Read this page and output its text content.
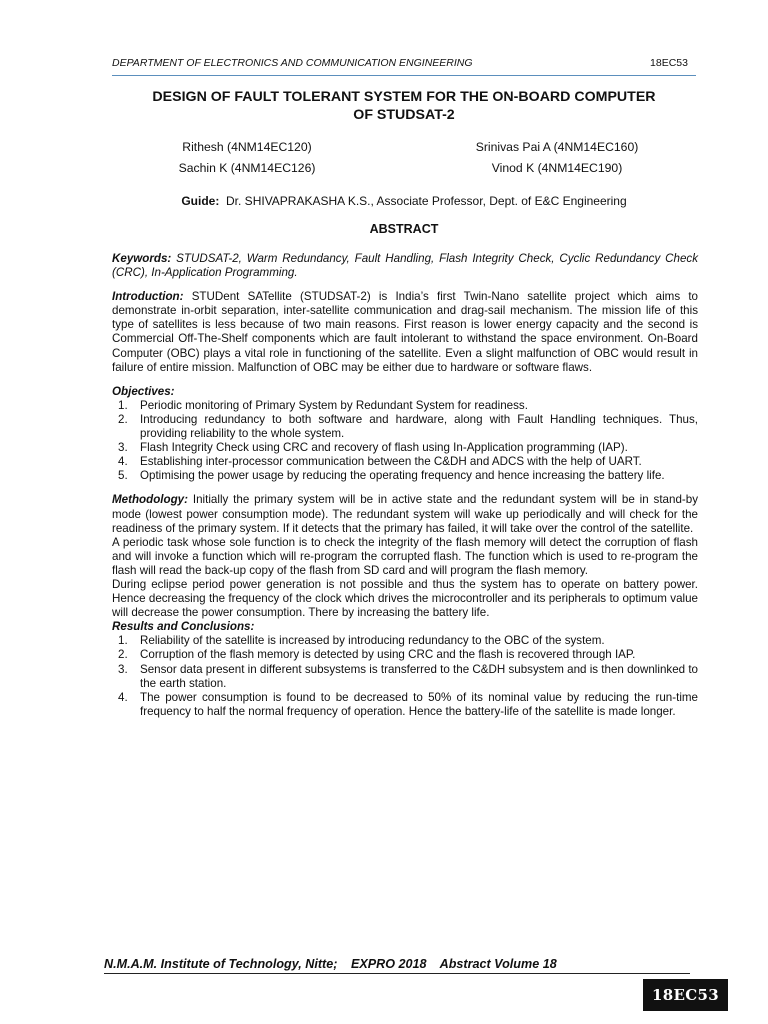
DEPARTMENT OF ELECTRONICS AND COMMUNICATION ENGINEERING	18EC53
DESIGN OF FAULT TOLERANT SYSTEM FOR THE ON-BOARD COMPUTER
OF STUDSAT-2
Rithesh (4NM14EC120)
Sachin K (4NM14EC126)
Srinivas Pai A (4NM14EC160)
Vinod K (4NM14EC190)
Guide: Dr. SHIVAPRAKASHA K.S., Associate Professor, Dept. of E&C Engineering
ABSTRACT

Keywords: STUDSAT-2, Warm Redundancy, Fault Handling, Flash Integrity Check, Cyclic Redundancy Check (CRC), In-Application Programming.

Introduction: STUDent SATellite (STUDSAT-2) is India’s first Twin-Nano satellite project which aims to demonstrate in-orbit separation, inter-satellite communication and drag-sail mechanism. The mission life of this type of satellites is less because of two main reasons. First reason is lower energy capacity and the second is Commercial Off-The-Shelf components which are fault intolerant to withstand the space environment. On-Board Computer (OBC) plays a vital role in functioning of the satellite. Even a slight malfunction of OBC would result in failure of entire mission. Malfunction of OBC may be either due to hardware or software flaws.

Objectives:
1. Periodic monitoring of Primary System by Redundant System for readiness.
2. Introducing redundancy to both software and hardware, along with Fault Handling techniques. Thus, providing reliability to the whole system.
3. Flash Integrity Check using CRC and recovery of flash using In-Application programming (IAP).
4. Establishing inter-processor communication between the C&DH and ADCS with the help of UART.
5. Optimising the power usage by reducing the operating frequency and hence increasing the battery life.

Methodology: Initially the primary system will be in active state and the redundant system will be in stand-by mode (lowest power consumption mode). The redundant system will wake up periodically and will check for the readiness of the primary system. If it detects that the primary has failed, it will take over the control of the satellite.

A periodic task whose sole function is to check the integrity of the flash memory will detect the corruption of flash and will invoke a function which will re-program the corrupted flash. The function which is used to re-program the flash will read the back-up copy of the flash from SD card and will program the flash memory.

During eclipse period power generation is not possible and thus the system has to operate on battery power. Hence decreasing the frequency of the clock which drives the microcontroller and its peripherals to optimum value will decrease the power consumption. There by increasing the battery life.

Results and Conclusions:
1. Reliability of the satellite is increased by introducing redundancy to the OBC of the system.
2. Corruption of the flash memory is detected by using CRC and the flash is recovered through IAP.
3. Sensor data present in different subsystems is transferred to the C&DH subsystem and is then downlinked to the earth station.
4. The power consumption is found to be decreased to 50% of its nominal value by reducing the run-time frequency to half the normal frequency of operation. Hence the battery-life of the satellite is made longer.
N.M.A.M. Institute of Technology, Nitte; EXPRO 2018 Abstract Volume 18
18EC53
